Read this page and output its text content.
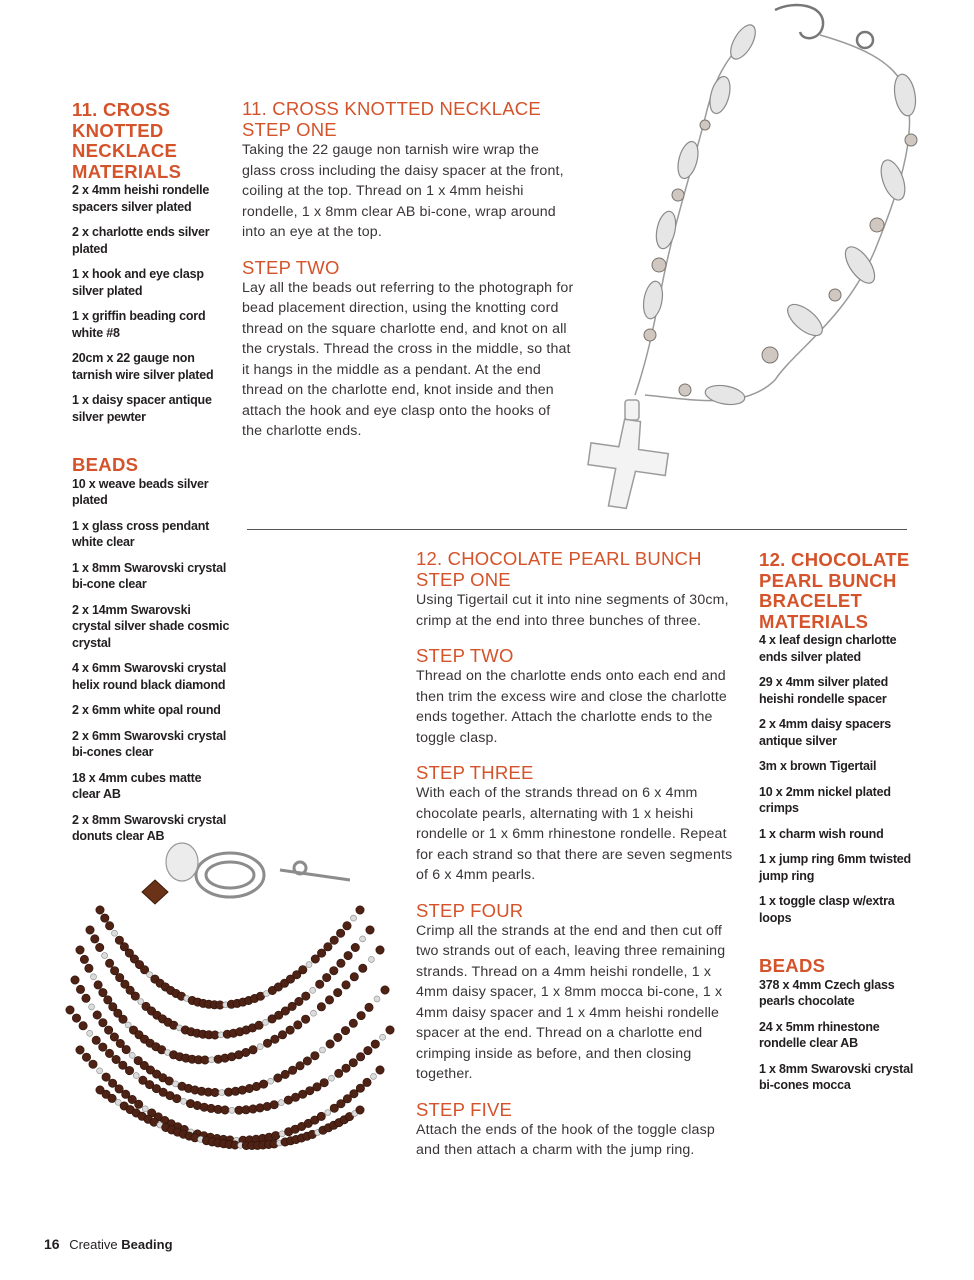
11. CROSS KNOTTED NECKLACE MATERIALS

2 x 4mm heishi rondelle spacers silver plated

2 x charlotte ends silver plated

1 x hook and eye clasp silver plated

1 x griffin beading cord white #8

20cm x 22 gauge non tarnish wire silver plated

1 x daisy spacer antique silver pewter

BEADS

10 x weave beads silver plated

1 x glass cross pendant white clear

1 x 8mm Swarovski crystal bi-cone clear

2 x 14mm Swarovski crystal silver shade cosmic crystal

4 x 6mm Swarovski crystal helix round black diamond

2 x 6mm white opal round

2 x 6mm Swarovski crystal bi-cones clear

18 x 4mm cubes matte clear AB

2 x 8mm Swarovski crystal donuts clear AB

11. CROSS KNOTTED NECKLACE
STEP ONE

Taking the 22 gauge non tarnish wire wrap the glass cross including the daisy spacer at the front, coiling at the top. Thread on 1 x 4mm heishi rondelle, 1 x 8mm clear AB bi-cone, wrap around into an eye at the top.

STEP TWO

Lay all the beads out referring to the photograph for bead placement direction, using the knotting cord thread on the square charlotte end, and knot on all the crystals. Thread the cross in the middle, so that it hangs in the middle as a pendant. At the end thread on the charlotte end, knot inside and then attach the hook and eye clasp onto the hooks of the charlotte ends.

12. CHOCOLATE PEARL BUNCH
STEP ONE

Using Tigertail cut it into nine segments of 30cm, crimp at the end into three bunches of three.

STEP TWO

Thread on the charlotte ends onto each end and then trim the excess wire and close the charlotte ends together. Attach the charlotte ends to the toggle clasp.

STEP THREE

With each of the strands thread on 6 x 4mm chocolate pearls, alternating with 1 x heishi rondelle or 1 x 6mm rhinestone rondelle. Repeat for each strand so that there are seven segments of 6 x 4mm pearls.

STEP FOUR

Crimp all the strands at the end and then cut off two strands out of each, leaving three remaining strands. Thread on a 4mm heishi rondelle, 1 x 4mm daisy spacer, 1 x 8mm mocca bi-cone, 1 x 4mm daisy spacer and 1 x 4mm heishi rondelle spacer at the end. Thread on a charlotte end crimping inside as before, and then closing together.

STEP FIVE

Attach the ends of the hook of the toggle clasp and then attach a charm with the jump ring.

12. CHOCOLATE PEARL BUNCH BRACELET MATERIALS

4 x leaf design charlotte ends silver plated

29 x 4mm silver plated heishi rondelle spacer

2 x 4mm daisy spacers antique silver

3m x brown Tigertail

10 x 2mm nickel plated crimps

1 x charm wish round

1 x jump ring 6mm twisted jump ring

1 x toggle clasp w/extra loops

BEADS

378 x 4mm Czech glass pearls chocolate

24 x 5mm rhinestone rondelle clear AB

1 x 8mm Swarovski crystal bi-cones mocca

16 Creative Beading
